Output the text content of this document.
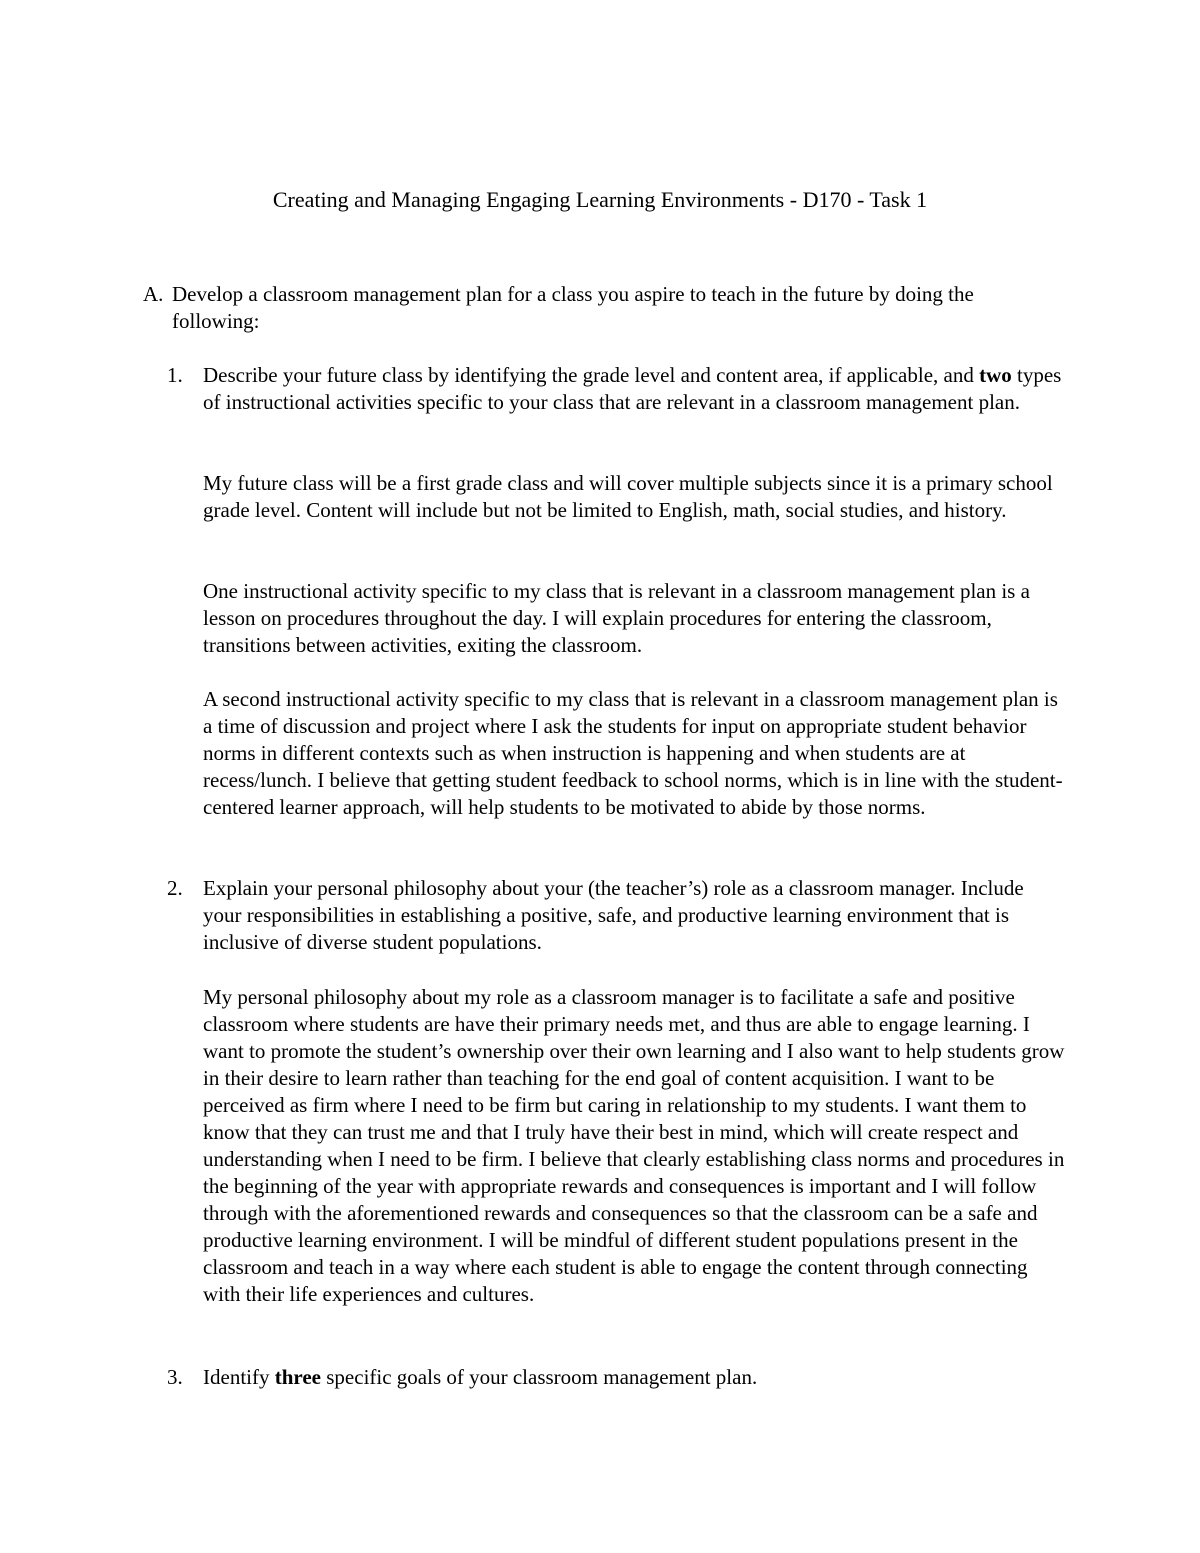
Creating and Managing Engaging Learning Environments - D170 - Task 1
A. Develop a classroom management plan for a class you aspire to teach in the future by doing the following:

1. Describe your future class by identifying the grade level and content area, if applicable, and two types of instructional activities specific to your class that are relevant in a classroom management plan.

My future class will be a first grade class and will cover multiple subjects since it is a primary school grade level. Content will include but not be limited to English, math, social studies, and history.

One instructional activity specific to my class that is relevant in a classroom management plan is a lesson on procedures throughout the day. I will explain procedures for entering the classroom, transitions between activities, exiting the classroom.

A second instructional activity specific to my class that is relevant in a classroom management plan is a time of discussion and project where I ask the students for input on appropriate student behavior norms in different contexts such as when instruction is happening and when students are at recess/lunch. I believe that getting student feedback to school norms, which is in line with the student-centered learner approach, will help students to be motivated to abide by those norms.

2. Explain your personal philosophy about your (the teacher’s) role as a classroom manager. Include your responsibilities in establishing a positive, safe, and productive learning environment that is inclusive of diverse student populations.

My personal philosophy about my role as a classroom manager is to facilitate a safe and positive classroom where students are have their primary needs met, and thus are able to engage learning. I want to promote the student’s ownership over their own learning and I also want to help students grow in their desire to learn rather than teaching for the end goal of content acquisition. I want to be perceived as firm where I need to be firm but caring in relationship to my students. I want them to know that they can trust me and that I truly have their best in mind, which will create respect and understanding when I need to be firm. I believe that clearly establishing class norms and procedures in the beginning of the year with appropriate rewards and consequences is important and I will follow through with the aforementioned rewards and consequences so that the classroom can be a safe and productive learning environment. I will be mindful of different student populations present in the classroom and teach in a way where each student is able to engage the content through connecting with their life experiences and cultures.

3. Identify three specific goals of your classroom management plan.
